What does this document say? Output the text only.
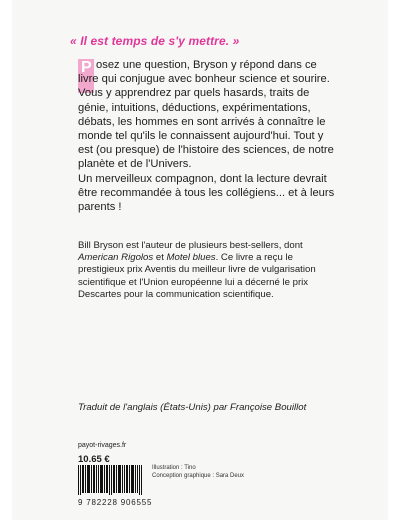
« Il est temps de s'y mettre. »
P osez une question, Bryson y répond dans ce livre qui conjugue avec bonheur science et sourire. Vous y apprendrez par quels hasards, traits de génie, intuitions, déductions, expérimentations, débats, les hommes en sont arrivés à connaître le monde tel qu'ils le connaissent aujourd'hui. Tout y est (ou presque) de l'histoire des sciences, de notre planète et de l'Univers.

Un merveilleux compagnon, dont la lecture devrait être recommandée à tous les collégiens... et à leurs parents !

Bill Bryson est l'auteur de plusieurs best-sellers, dont American Rigolos et Motel blues. Ce livre a reçu le prestigieux prix Aventis du meilleur livre de vulgarisation scientifique et l'Union européenne lui a décerné le prix Descartes pour la communication scientifique.
Traduit de l'anglais (États-Unis) par Françoise Bouillot
payot-rivages.fr
10.65 €
Illustration : Tino
Conception graphique : Sara Deux
9 782228 906555
